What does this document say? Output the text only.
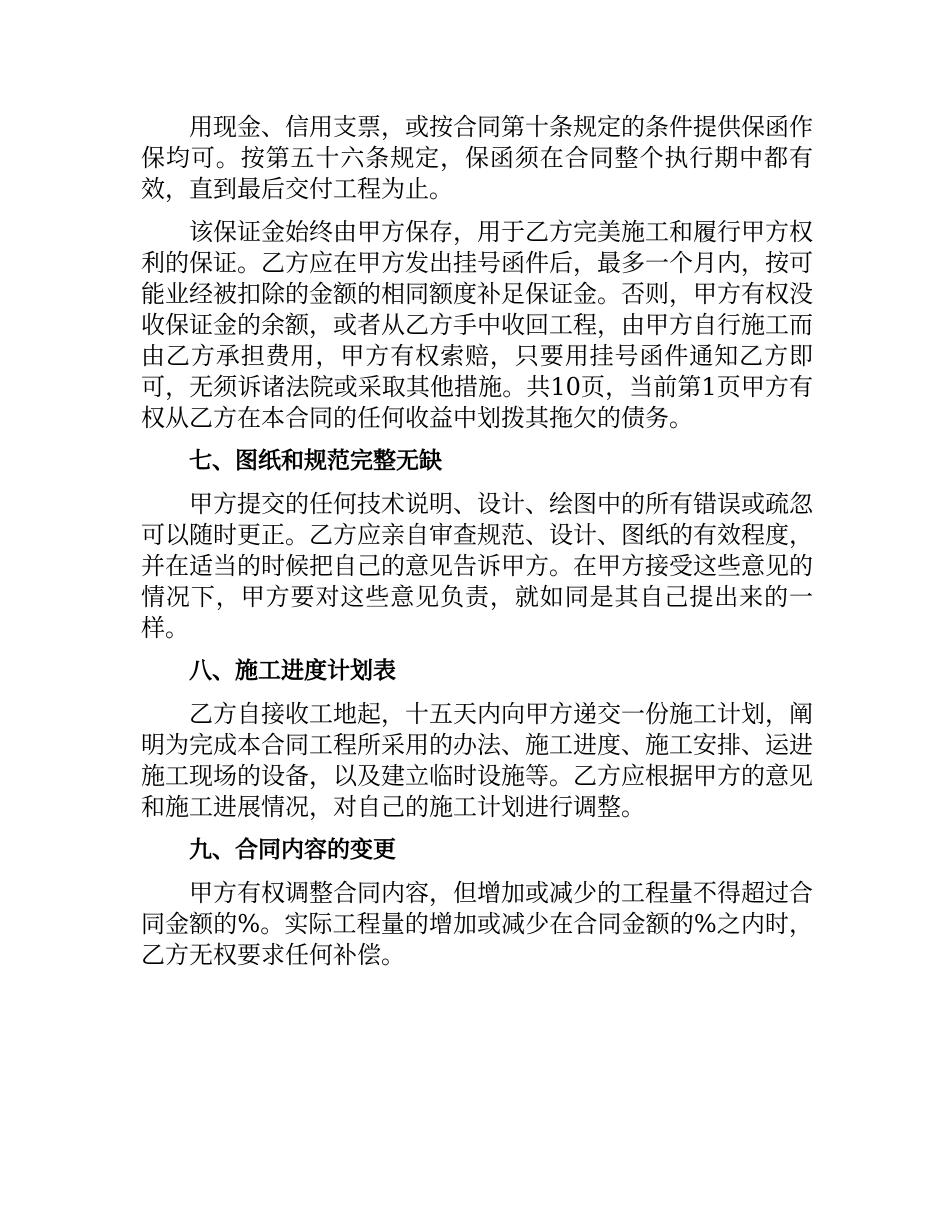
用现金、信用支票，或按合同第十条规定的条件提供保函作保均可。按第五十六条规定，保函须在合同整个执行期中都有效，直到最后交付工程为止。

该保证金始终由甲方保存，用于乙方完美施工和履行甲方权利的保证。乙方应在甲方发出挂号函件后，最多一个月内，按可能业经被扣除的金额的相同额度补足保证金。否则，甲方有权没收保证金的余额，或者从乙方手中收回工程，由甲方自行施工而由乙方承担费用，甲方有权索赔，只要用挂号函件通知乙方即可，无须诉诸法院或采取其他措施。共10页，当前第1页甲方有权从乙方在本合同的任何收益中划拨其拖欠的债务。

七、图纸和规范完整无缺

甲方提交的任何技术说明、设计、绘图中的所有错误或疏忽可以随时更正。乙方应亲自审查规范、设计、图纸的有效程度，并在适当的时候把自己的意见告诉甲方。在甲方接受这些意见的情况下，甲方要对这些意见负责，就如同是其自己提出来的一样。

八、施工进度计划表

乙方自接收工地起，十五天内向甲方递交一份施工计划，阐明为完成本合同工程所采用的办法、施工进度、施工安排、运进施工现场的设备，以及建立临时设施等。乙方应根据甲方的意见和施工进展情况，对自己的施工计划进行调整。

九、合同内容的变更

甲方有权调整合同内容，但增加或减少的工程量不得超过合同金额的%。实际工程量的增加或减少在合同金额的%之内时，乙方无权要求任何补偿。
